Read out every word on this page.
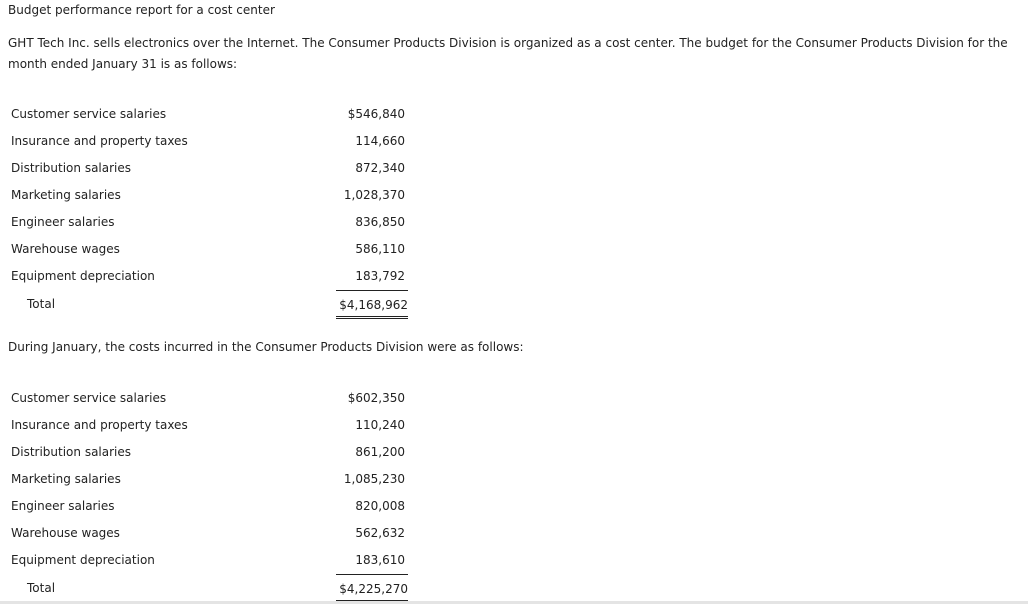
Budget performance report for a cost center

GHT Tech Inc. sells electronics over the Internet. The Consumer Products Division is organized as a cost center. The budget for the Consumer Products Division for the month ended January 31 is as follows:

Customer service salaries	$546,840
Insurance and property taxes	114,660
Distribution salaries	872,340
Marketing salaries	1,028,370
Engineer salaries	836,850
Warehouse wages	586,110
Equipment depreciation	183,792
Total	$4,168,962

During January, the costs incurred in the Consumer Products Division were as follows:

Customer service salaries	$602,350
Insurance and property taxes	110,240
Distribution salaries	861,200
Marketing salaries	1,085,230
Engineer salaries	820,008
Warehouse wages	562,632
Equipment depreciation	183,610
Total	$4,225,270
